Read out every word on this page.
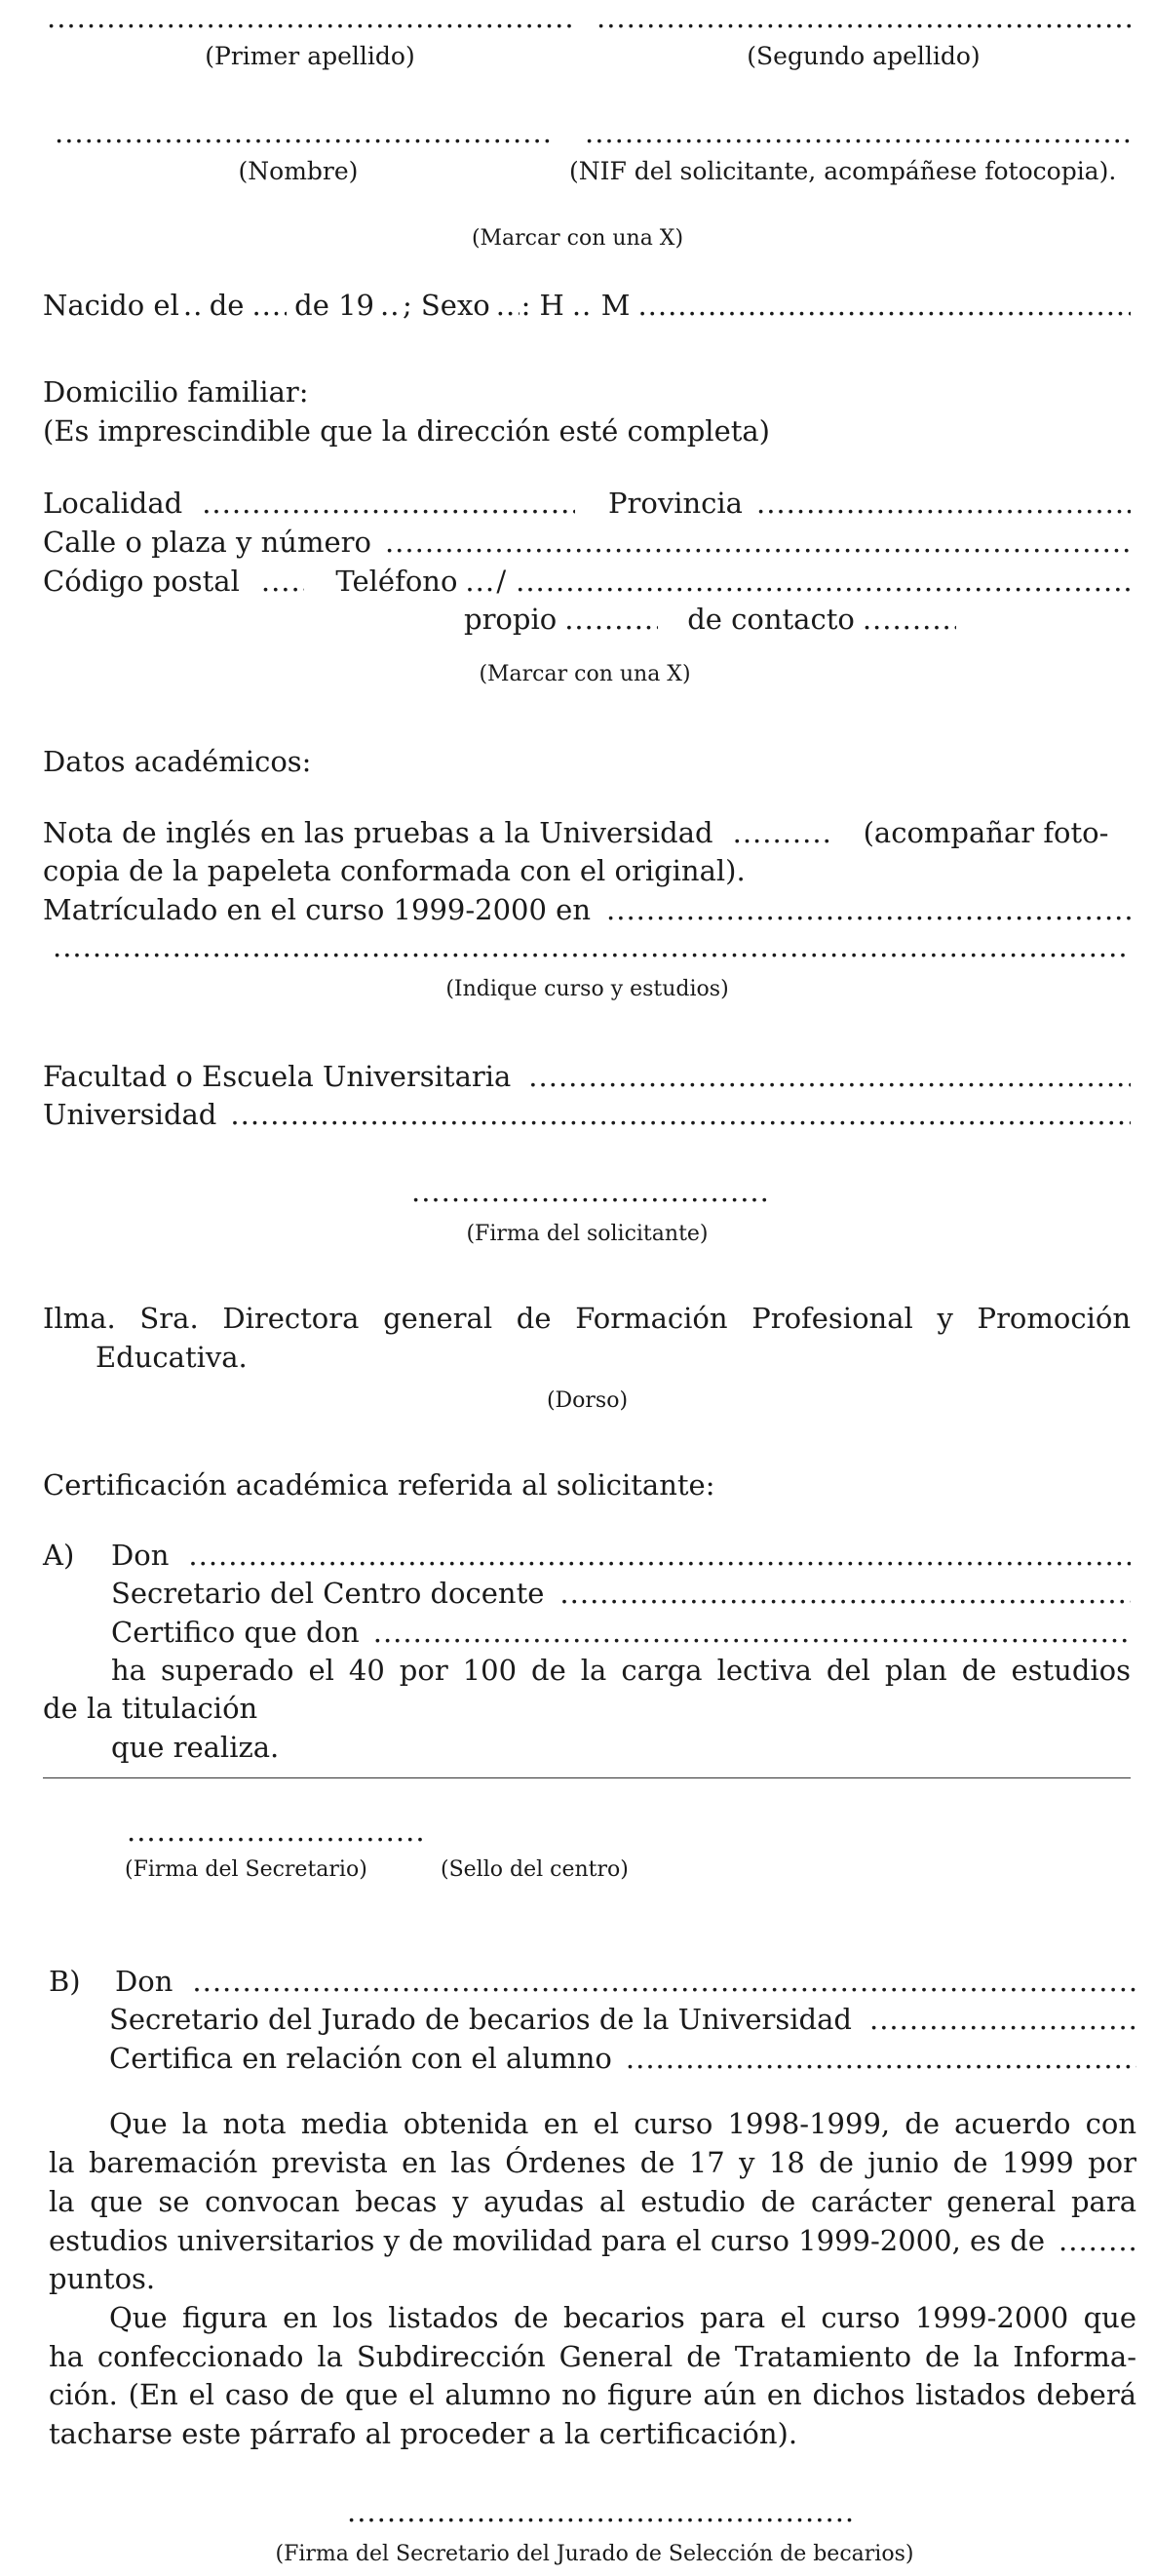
.....
.....
(Primer apellido)	(Segundo apellido)
.....
.....
(Nombre)	(NIF del solicitante, acompáñese fotocopia).
(Marcar con una X)
Nacido el ..... de ..... de 19 ..... ; Sexo ..... : H ..... M
.....
Domicilio familiar:
(Es imprescindible que la dirección esté completa)
Localidad .....	Provincia
.....
Calle o plaza y número
.....
Código postal .....	Teléfono ..... /
.....
propio .....	de contacto
.....
(Marcar con una X)
Datos académicos:
Nota de inglés en las pruebas a la Universidad .....	(acompañar foto-
copia de la papeleta conformada con el original).
Matrículado en el curso 1999-2000 en
.....
.....
(Indique curso y estudios)
Facultad o Escuela Universitaria
.....
Universidad
.....
.....
(Firma del solicitante)
Ilma. Sra. Directora general de Formación Profesional y Promoción
Educativa.
(Dorso)
Certificación académica referida al solicitante:
A) Don
.....
Secretario del Centro docente
.....
Certifico que don
.....
ha superado el 40 por 100 de la carga lectiva del plan de estudios
de la titulación
que realiza.
.....
(Firma del Secretario)	(Sello del centro)
B) Don
.....
Secretario del Jurado de becarios de la Universidad
.....
Certifica en relación con el alumno
.....
Que la nota media obtenida en el curso 1998-1999, de acuerdo con
la baremación prevista en las Órdenes de 17 y 18 de junio de 1999 por
la que se convocan becas y ayudas al estudio de carácter general para
estudios universitarios y de movilidad para el curso 1999-2000, es de
.....
puntos.
Que figura en los listados de becarios para el curso 1999-2000 que
ha confeccionado la Subdirección General de Tratamiento de la Informa-
ción. (En el caso de que el alumno no figure aún en dichos listados deberá
tacharse este párrafo al proceder a la certificación).
.....
(Firma del Secretario del Jurado de Selección de becarios)
